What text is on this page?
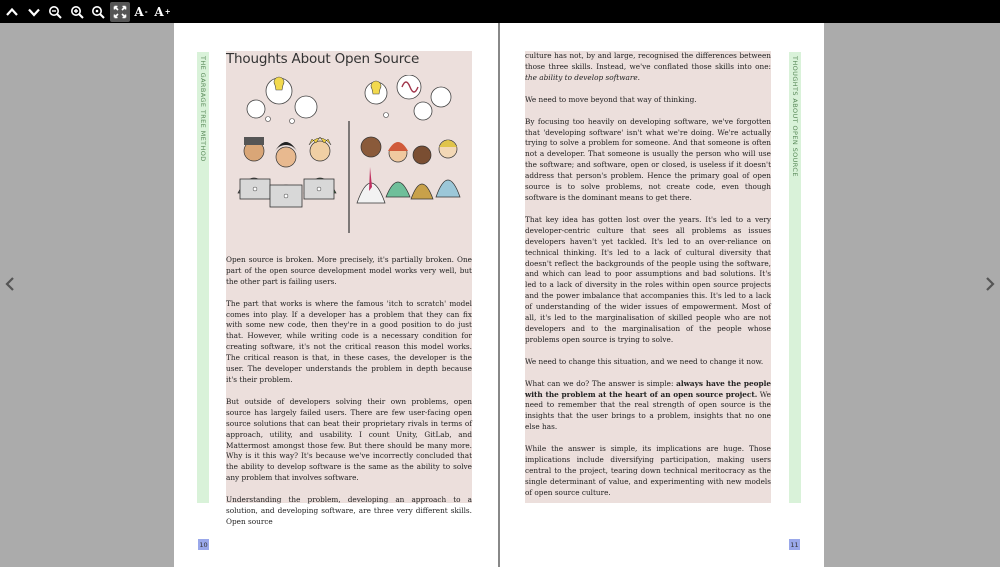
A - A +
THE GARBAGE TREE METHOD Thoughts About Open Source

Open source is broken. More precisely, it's partially broken. One part of the open source development model works very well, but the other part is failing users.

The part that works is where the famous 'itch to scratch' model comes into play. If a developer has a problem that they can fix with some new code, then they're in a good position to do just that. However, while writing code is a necessary condition for creating software, it's not the critical reason this model works. The critical reason is that, in these cases, the developer is the user. The developer understands the problem in depth because it's their problem.

But outside of developers solving their own problems, open source has largely failed users. There are few user-facing open source solutions that can beat their proprietary rivals in terms of approach, utility, and usability. I count Unity, GitLab, and Mattermost amongst those few. But there should be many more. Why is it this way? It's because we've incorrectly concluded that the ability to develop software is the same as the ability to solve any problem that involves software.

Understanding the problem, developing an approach to a solution, and developing software, are three very different skills. Open source

10

culture has not, by and large, recognised the differences between those three skills. Instead, we've conflated those skills into one: the ability to develop software.

We need to move beyond that way of thinking.

By focusing too heavily on developing software, we've forgotten that 'developing software' isn't what we're doing. We're actually trying to solve a problem for someone. And that someone is often not a developer. That someone is usually the person who will use the software; and software, open or closed, is useless if it doesn't address that person's problem. Hence the primary goal of open source is to solve problems, not create code, even though software is the dominant means to get there.

That key idea has gotten lost over the years. It's led to a very developer-centric culture that sees all problems as issues developers haven't yet tackled. It's led to an over-reliance on technical thinking. It's led to a lack of cultural diversity that doesn't reflect the backgrounds of the people using the software, and which can lead to poor assumptions and bad solutions. It's led to a lack of diversity in the roles within open source projects and the power imbalance that accompanies this. It's led to a lack of understanding of the wider issues of empowerment. Most of all, it's led to the marginalisation of skilled people who are not developers and to the marginalisation of the people whose problems open source is trying to solve.

We need to change this situation, and we need to change it now.

What can we do? The answer is simple: always have the people with the problem at the heart of an open source project. We need to remember that the real strength of open source is the insights that the user brings to a problem, insights that no one else has.

While the answer is simple, its implications are huge. Those implications include diversifying participation, making users central to the project, tearing down technical meritocracy as the single determinant of value, and experimenting with new models of open source culture.

THOUGHTS ABOUT OPEN SOURCE
11
